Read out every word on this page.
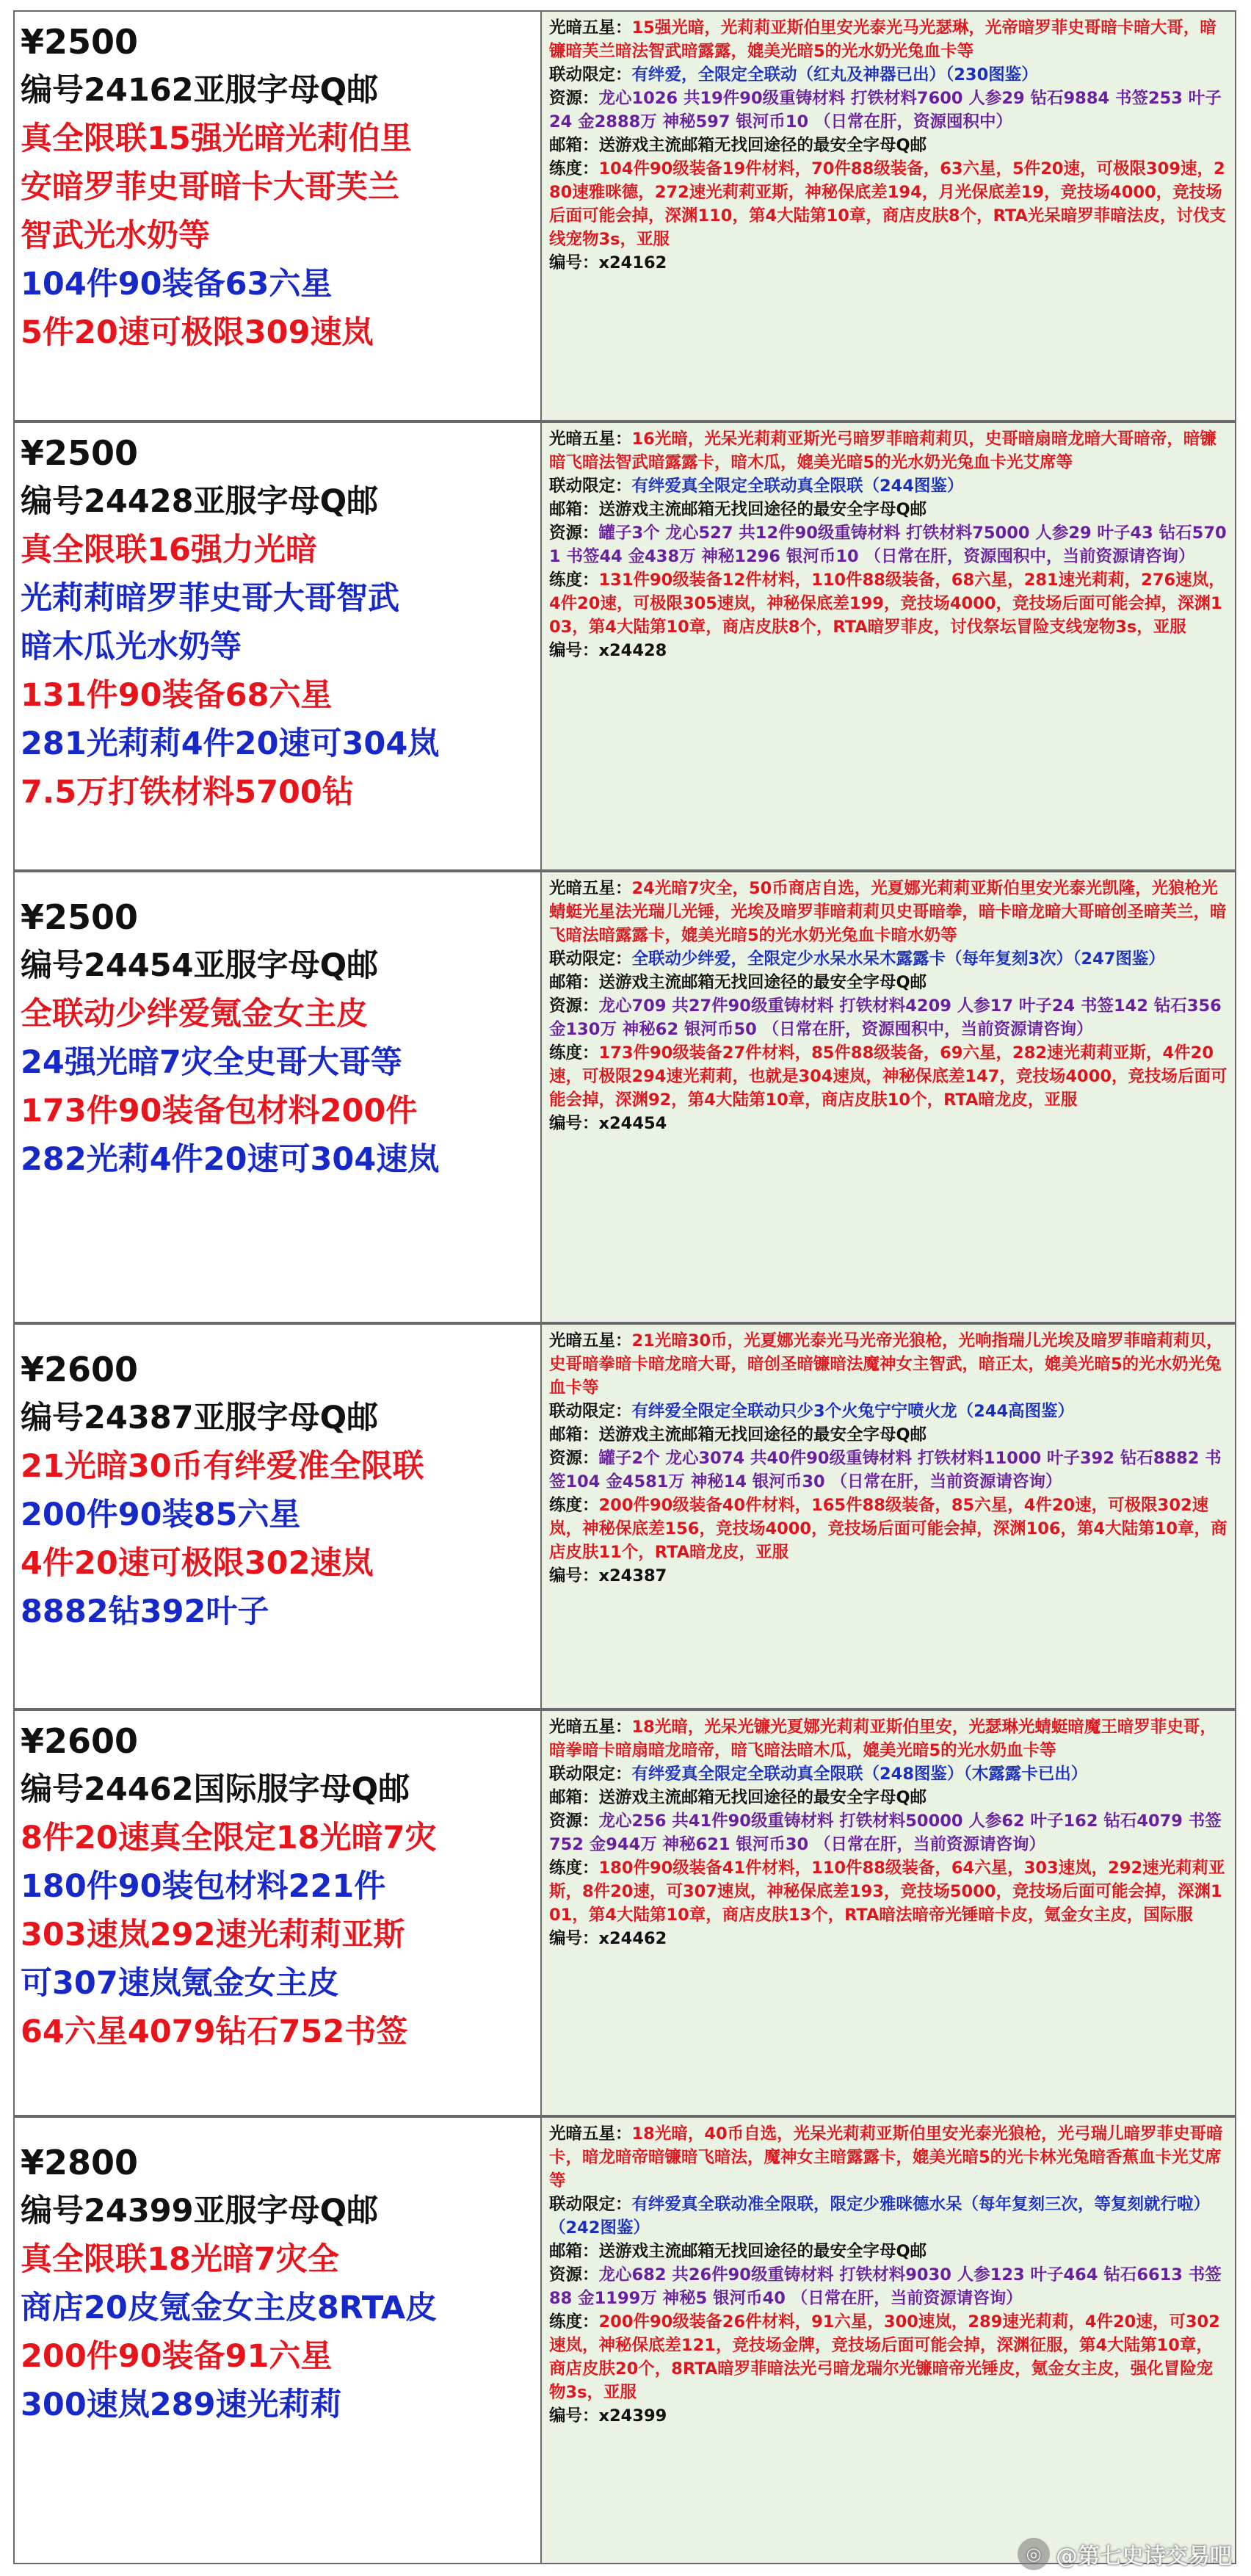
¥2500
编号24162亚服字母Q邮
真全限联15强光暗光莉伯里
安暗罗菲史哥暗卡大哥芙兰
智武光水奶等
104件90装备63六星
5件20速可极限309速岚
光暗五星：15强光暗，光莉莉亚斯伯里安光泰光马光瑟琳，光帝暗罗菲史哥暗卡暗大哥，暗镰暗芙兰暗法智武暗露露，媲美光暗5的光水奶光兔血卡等
联动限定：有绊爱，全限定全联动（红丸及神器已出）（230图鉴）
资源：龙心1026 共19件90级重铸材料 打铁材料7600 人参29 钻石9884 书签253 叶子24 金2888万 神秘597 银河币10 （日常在肝，资源囤积中）
邮箱：送游戏主流邮箱无找回途径的最安全字母Q邮
练度：104件90级装备19件材料，70件88级装备，63六星，5件20速，可极限309速，280速雅咪德，272速光莉莉亚斯，神秘保底差194，月光保底差19，竞技场4000，竞技场后面可能会掉，深渊110，第4大陆第10章，商店皮肤8个，RTA光呆暗罗菲暗法皮，讨伐支线宠物3s，亚服
编号：x24162
¥2500
编号24428亚服字母Q邮
真全限联16强力光暗
光莉莉暗罗菲史哥大哥智武
暗木瓜光水奶等
131件90装备68六星
281光莉莉4件20速可304岚
7.5万打铁材料5700钻
光暗五星：16光暗，光呆光莉莉亚斯光弓暗罗菲暗莉莉贝，史哥暗扇暗龙暗大哥暗帝，暗镰暗飞暗法智武暗露露卡，暗木瓜，媲美光暗5的光水奶光兔血卡光艾席等
联动限定：有绊爱真全限定全联动真全限联（244图鉴）
邮箱：送游戏主流邮箱无找回途径的最安全字母Q邮
资源：罐子3个 龙心527 共12件90级重铸材料 打铁材料75000 人参29 叶子43 钻石5701 书签44 金438万 神秘1296 银河币10 （日常在肝，资源囤积中，当前资源请咨询）
练度：131件90级装备12件材料，110件88级装备，68六星，281速光莉莉，276速岚，4件20速，可极限305速岚，神秘保底差199，竞技场4000，竞技场后面可能会掉，深渊103，第4大陆第10章，商店皮肤8个，RTA暗罗菲皮，讨伐祭坛冒险支线宠物3s，亚服
编号：x24428
¥2500
编号24454亚服字母Q邮
全联动少绊爱氪金女主皮
24强光暗7灾全史哥大哥等
173件90装备包材料200件
282光莉4件20速可304速岚
光暗五星：24光暗7灾全，50币商店自选，光夏娜光莉莉亚斯伯里安光泰光凯隆，光狼枪光蜻蜓光星法光瑞儿光锤，光埃及暗罗菲暗莉莉贝史哥暗拳，暗卡暗龙暗大哥暗创圣暗芙兰，暗飞暗法暗露露卡，媲美光暗5的光水奶光兔血卡暗水奶等
联动限定：全联动少绊爱，全限定少水呆水呆木露露卡（每年复刻3次）（247图鉴）
邮箱：送游戏主流邮箱无找回途径的最安全字母Q邮
资源：龙心709 共27件90级重铸材料 打铁材料4209 人参17 叶子24 书签142 钻石356 金130万 神秘62 银河币50 （日常在肝，资源囤积中，当前资源请咨询）
练度：173件90级装备27件材料，85件88级装备，69六星，282速光莉莉亚斯，4件20速，可极限294速光莉莉，也就是304速岚，神秘保底差147，竞技场4000，竞技场后面可能会掉，深渊92，第4大陆第10章，商店皮肤10个，RTA暗龙皮，亚服
编号：x24454
¥2600
编号24387亚服字母Q邮
21光暗30币有绊爱准全限联
200件90装85六星
4件20速可极限302速岚
8882钻392叶子
光暗五星：21光暗30币，光夏娜光泰光马光帝光狼枪，光响指瑞儿光埃及暗罗菲暗莉莉贝，史哥暗拳暗卡暗龙暗大哥，暗创圣暗镰暗法魔神女主智武，暗正太，媲美光暗5的光水奶光兔血卡等
联动限定：有绊爱全限定全联动只少3个火兔宁宁喷火龙（244高图鉴）
邮箱：送游戏主流邮箱无找回途径的最安全字母Q邮
资源：罐子2个 龙心3074 共40件90级重铸材料 打铁材料11000 叶子392 钻石8882 书签104 金4581万 神秘14 银河币30 （日常在肝，当前资源请咨询）
练度：200件90级装备40件材料，165件88级装备，85六星，4件20速，可极限302速岚，神秘保底差156，竞技场4000，竞技场后面可能会掉，深渊106，第4大陆第10章，商店皮肤11个，RTA暗龙皮，亚服
编号：x24387
¥2600
编号24462国际服字母Q邮
8件20速真全限定18光暗7灾
180件90装包材料221件
303速岚292速光莉莉亚斯
可307速岚氪金女主皮
64六星4079钻石752书签
光暗五星：18光暗，光呆光镰光夏娜光莉莉亚斯伯里安，光瑟琳光蜻蜓暗魔王暗罗菲史哥，暗拳暗卡暗扇暗龙暗帝，暗飞暗法暗木瓜，媲美光暗5的光水奶血卡等
联动限定：有绊爱真全限定全联动真全限联（248图鉴）（木露露卡已出）
邮箱：送游戏主流邮箱无找回途径的最安全字母Q邮
资源：龙心256 共41件90级重铸材料 打铁材料50000 人参62 叶子162 钻石4079 书签752 金944万 神秘621 银河币30 （日常在肝，当前资源请咨询）
练度：180件90级装备41件材料，110件88级装备，64六星，303速岚，292速光莉莉亚斯，8件20速，可307速岚，神秘保底差193，竞技场5000，竞技场后面可能会掉，深渊101，第4大陆第10章，商店皮肤13个，RTA暗法暗帝光锤暗卡皮，氪金女主皮，国际服
编号：x24462
¥2800
编号24399亚服字母Q邮
真全限联18光暗7灾全
商店20皮氪金女主皮8RTA皮
200件90装备91六星
300速岚289速光莉莉
光暗五星：18光暗，40币自选，光呆光莉莉亚斯伯里安光泰光狼枪，光弓瑞儿暗罗菲史哥暗卡，暗龙暗帝暗镰暗飞暗法，魔神女主暗露露卡，媲美光暗5的光卡林光兔暗香蕉血卡光艾席等
联动限定：有绊爱真全联动准全限联，限定少雅咪德水呆（每年复刻三次，等复刻就行啦）（242图鉴）
邮箱：送游戏主流邮箱无找回途径的最安全字母Q邮
资源：龙心682 共26件90级重铸材料 打铁材料9030 人参123 叶子464 钻石6613 书签88 金1199万 神秘5 银河币40 （日常在肝，当前资源请咨询）
练度：200件90级装备26件材料，91六星，300速岚，289速光莉莉，4件20速，可302速岚，神秘保底差121，竞技场金牌，竞技场后面可能会掉，深渊征服，第4大陆第10章，商店皮肤20个，8RTA暗罗菲暗法光弓暗龙瑞尔光镰暗帝光锤皮，氪金女主皮，强化冒险宠物3s，亚服
编号：x24399
◎ @第七史诗交易吧
